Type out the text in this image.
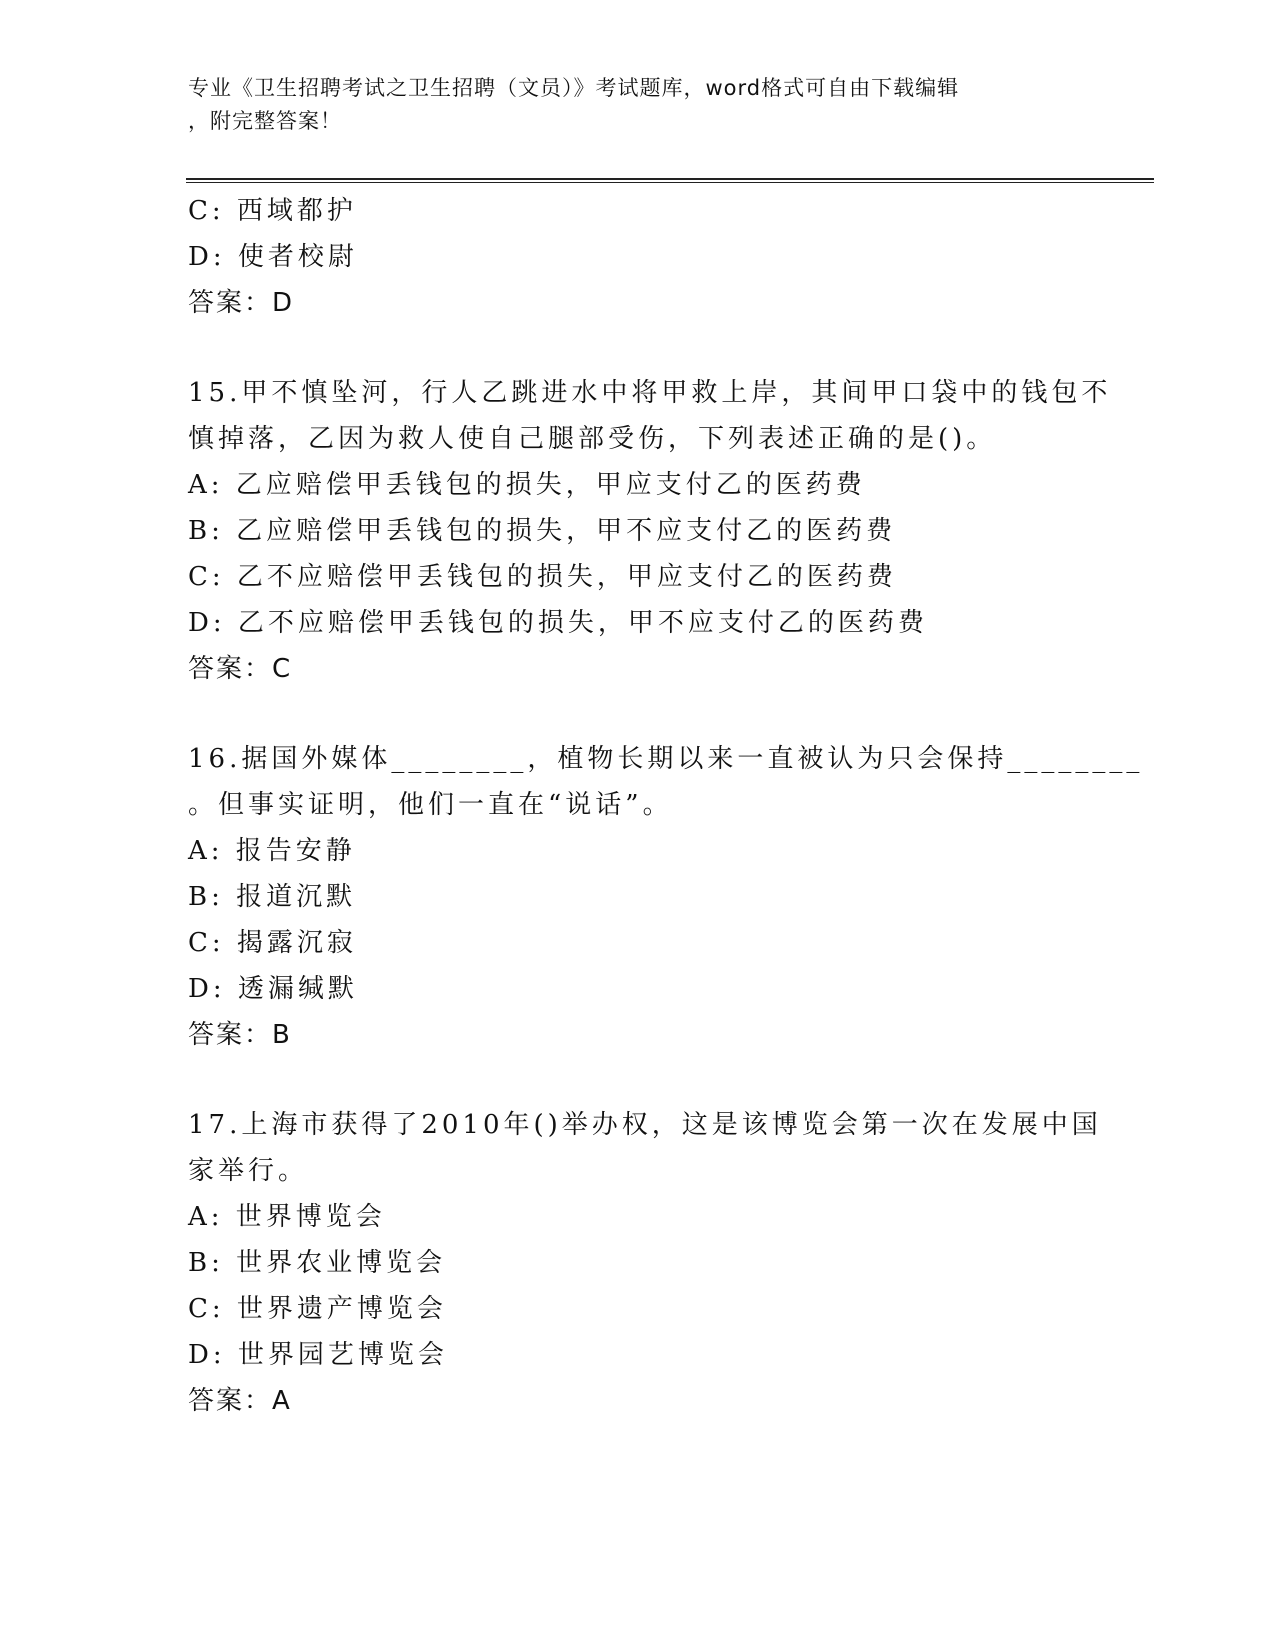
专业《卫生招聘考试之卫生招聘（文员）》考试题库，word格式可自由下载编辑
，附完整答案！
C: 西域都护
D: 使者校尉
答案：D
15.甲不慎坠河，行人乙跳进水中将甲救上岸，其间甲口袋中的钱包不
慎掉落，乙因为救人使自己腿部受伤，下列表述正确的是()。
A: 乙应赔偿甲丢钱包的损失，甲应支付乙的医药费
B: 乙应赔偿甲丢钱包的损失，甲不应支付乙的医药费
C: 乙不应赔偿甲丢钱包的损失，甲应支付乙的医药费
D: 乙不应赔偿甲丢钱包的损失，甲不应支付乙的医药费
答案：C
16.据国外媒体________，植物长期以来一直被认为只会保持________
。但事实证明，他们一直在“说话”。
A: 报告安静
B: 报道沉默
C: 揭露沉寂
D: 透漏缄默
答案：B
17.上海市获得了2010年()举办权，这是该博览会第一次在发展中国
家举行。
A: 世界博览会
B: 世界农业博览会
C: 世界遗产博览会
D: 世界园艺博览会
答案：A
